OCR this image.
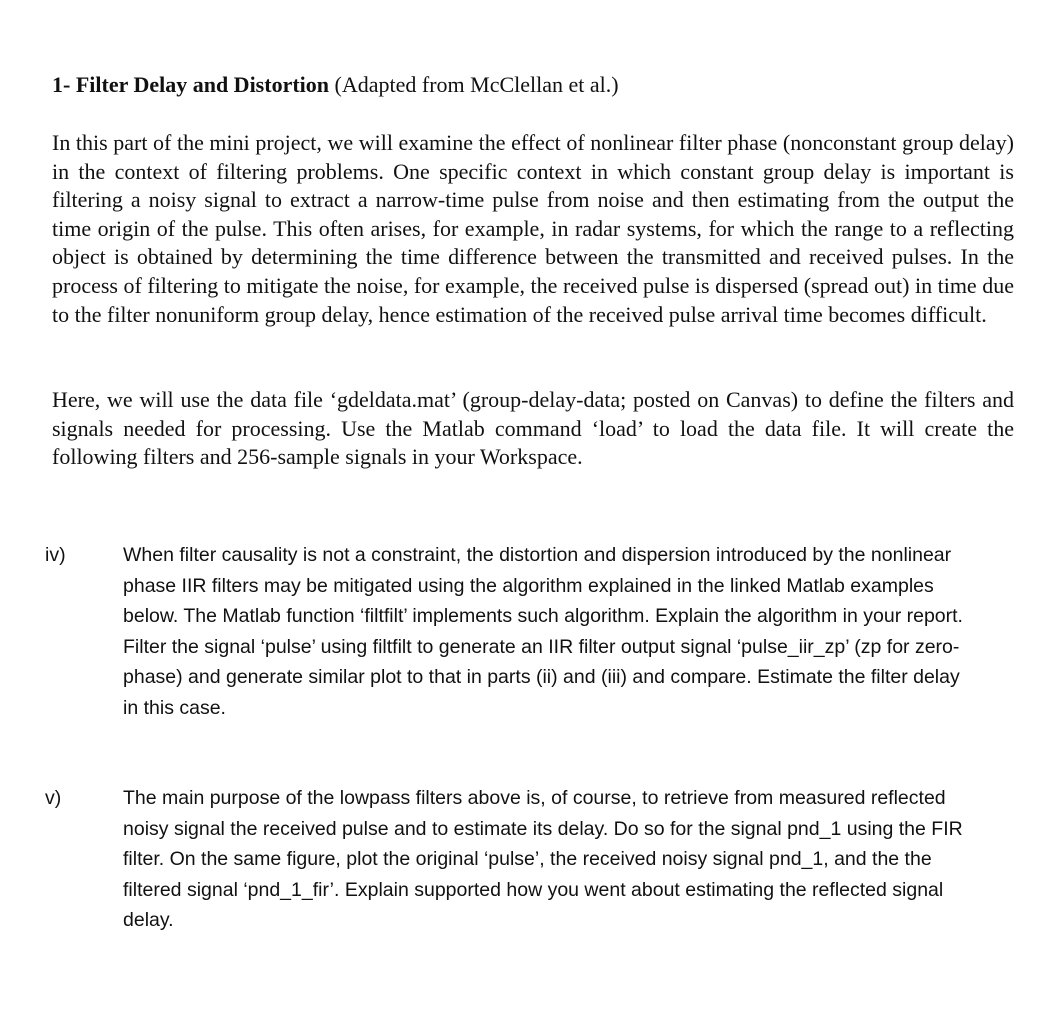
1- Filter Delay and Distortion (Adapted from McClellan et al.)

In this part of the mini project, we will examine the effect of nonlinear filter phase (nonconstant group delay) in the context of filtering problems. One specific context in which constant group delay is important is filtering a noisy signal to extract a narrow-time pulse from noise and then estimating from the output the time origin of the pulse. This often arises, for example, in radar systems, for which the range to a reflecting object is obtained by determining the time difference between the transmitted and received pulses. In the process of filtering to mitigate the noise, for example, the received pulse is dispersed (spread out) in time due to the filter nonuniform group delay, hence estimation of the received pulse arrival time becomes difficult.

Here, we will use the data file ‘gdeldata.mat’ (group-delay-data; posted on Canvas) to define the filters and signals needed for processing. Use the Matlab command ‘load’ to load the data file. It will create the following filters and 256-sample signals in your Workspace.

iv)	When filter causality is not a constraint, the distortion and dispersion introduced by the nonlinear phase IIR filters may be mitigated using the algorithm explained in the linked Matlab examples below. The Matlab function ‘filtfilt’ implements such algorithm. Explain the algorithm in your report. Filter the signal ‘pulse’ using filtfilt to generate an IIR filter output signal ‘pulse_iir_zp’ (zp for zero-phase) and generate similar plot to that in parts (ii) and (iii) and compare. Estimate the filter delay in this case.

v)	The main purpose of the lowpass filters above is, of course, to retrieve from measured reflected noisy signal the received pulse and to estimate its delay. Do so for the signal pnd_1 using the FIR filter. On the same figure, plot the original ‘pulse’, the received noisy signal pnd_1, and the the filtered signal ‘pnd_1_fir’. Explain supported how you went about estimating the reflected signal delay.
